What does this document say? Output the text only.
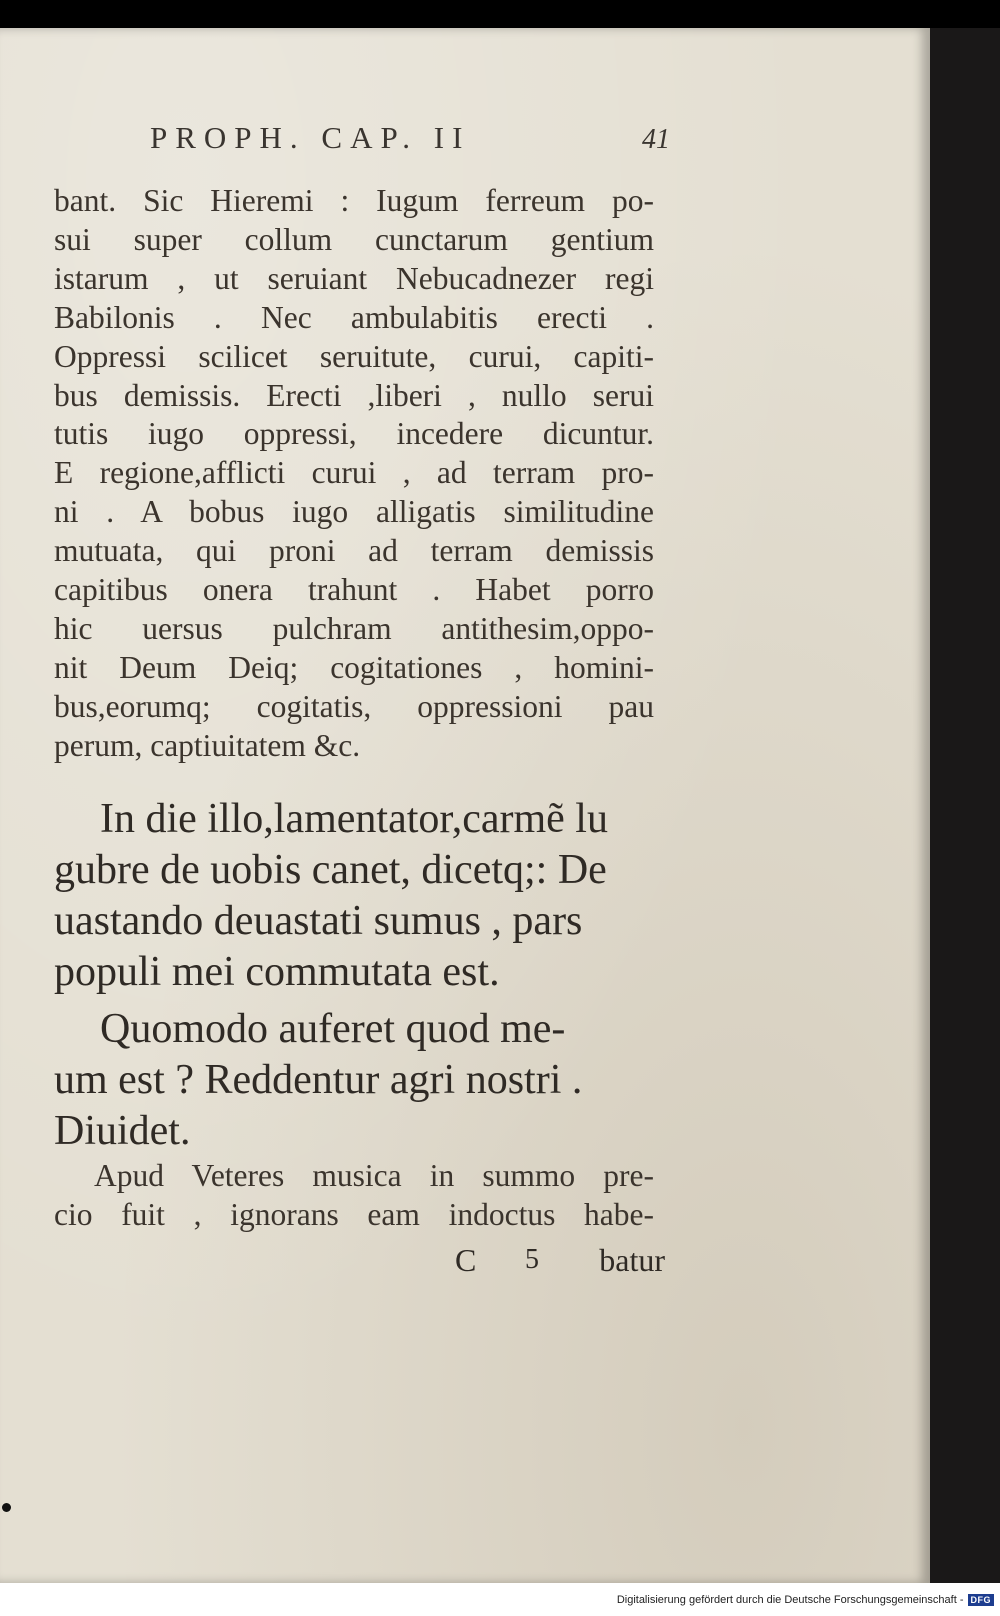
PROPH. CAP. II	41
bant. Sic Hieremi : Iugum ferreum po-
sui super collum cunctarum gentium
istarum , ut seruiant Nebucadnezer regi
Babilonis . Nec ambulabitis erecti .
Oppressi scilicet seruitute, curui, capiti-
bus demissis. Erecti ,liberi , nullo serui
tutis iugo oppressi, incedere dicuntur.
E regione,afflicti curui , ad terram pro-
ni . A bobus iugo alligatis similitudine
mutuata, qui proni ad terram demissis
capitibus onera trahunt . Habet porro
hic uersus pulchram antithesim,oppo-
nit Deum Deiq; cogitationes , homini-
bus,eorumq; cogitatis, oppressioni pau
perum, captiuitatem &c.
In die illo,lamentator,carmẽ lu
gubre de uobis canet, dicetq;: De
uastando deuastati sumus , pars
populi mei commutata est.
Quomodo auferet quod me-
um est ? Reddentur agri nostri .
Diuidet.
Apud Veteres musica in summo pre-
cio fuit , ignorans eam indoctus habe-
C 5 batur
Digitalisierung gefördert durch die Deutsche Forschungsgemeinschaft - DFG
